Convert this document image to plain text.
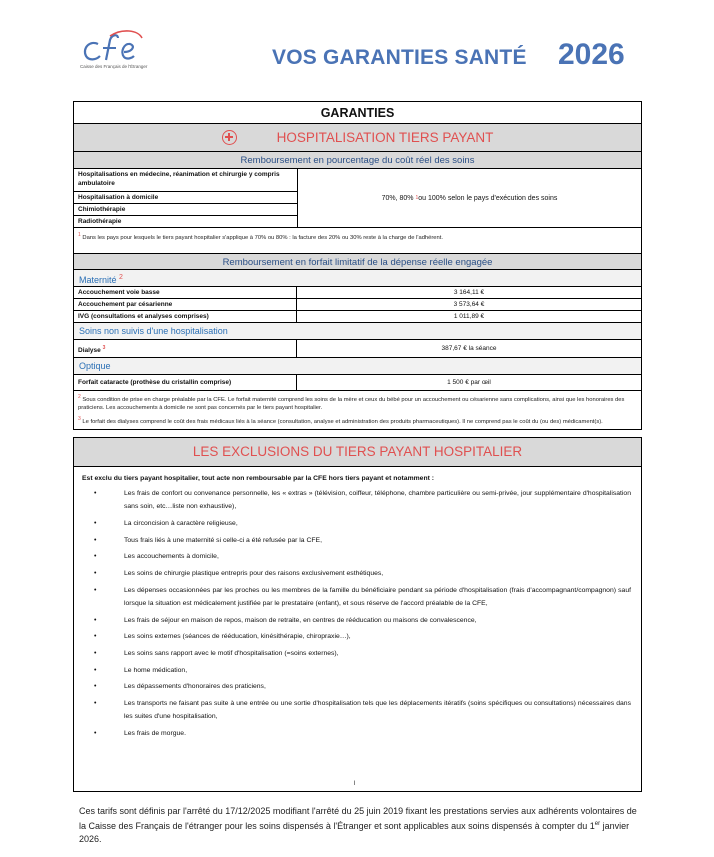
Caisse des Français de l'Étranger	VOS GARANTIES SANTÉ 2026
GARANTIES
HOSPITALISATION TIERS PAYANT
Remboursement en pourcentage du coût réel des soins
Hospitalisations en médecine, réanimation et chirurgie y compris ambulatoire
Hospitalisation à domicile
Chimiothérapie
Radiothérapie
70%, 80%
1 ou 100% selon le pays d'exécution des soins
1 Dans les pays pour lesquels le tiers payant hospitalier s'applique à 70% ou 80% : la facture des 20% ou 30% reste à la charge de l'adhérent.
Remboursement en forfait limitatif de la dépense réelle engagée
Maternité $^2$
Accouchement voie basse	3 164,11 €
Accouchement par césarienne	3 573,64 €
IVG (consultations et analyses comprises)	1 011,89 €
Soins non suivis d'une hospitalisation
Dialyse $^3$	387,67 € la séance
Optique
Forfait cataracte (prothèse du cristallin comprise)	1 500 € par œil
2 Sous condition de prise en charge préalable par la CFE. Le forfait maternité comprend les soins de la mère et ceux du bébé pour un accouchement ou césarienne sans complications, ainsi que les honoraires des praticiens. Les accouchements à domicile ne sont pas concernés par le tiers payant hospitalier.
3 Le forfait des dialyses comprend le coût des frais médicaux liés à la séance (consultation, analyse et administration des produits pharmaceutiques). Il ne comprend pas le coût du (ou des) médicament(s).
LES EXCLUSIONS DU TIERS PAYANT HOSPITALIER
Est exclu du tiers payant hospitalier, tout acte non remboursable par la CFE hors tiers payant et notamment :
•	Les frais de confort ou convenance personnelle, les « extras » (télévision, coiffeur, téléphone, chambre particulière ou semi-privée, jour supplémentaire d'hospitalisation sans soin, etc…liste non exhaustive),
•	La circoncision à caractère religieuse,
•	Tous frais liés à une maternité si celle-ci a été refusée par la CFE,
•	Les accouchements à domicile,
•	Les soins de chirurgie plastique entrepris pour des raisons exclusivement esthétiques,
•	Les dépenses occasionnées par les proches ou les membres de la famille du bénéficiaire pendant sa période d'hospitalisation (frais d'accompagnant/compagnon) sauf lorsque la situation est médicalement justifiée par le prestataire (enfant), et sous réserve de l'accord préalable de la CFE,
•	Les frais de séjour en maison de repos, maison de retraite, en centres de rééducation ou maisons de convalescence,
•	Les soins externes (séances de rééducation, kinésithérapie, chiropraxie…),
•	Les soins sans rapport avec le motif d'hospitalisation (=soins externes),
•	Le home médication,
•	Les dépassements d'honoraires des praticiens,
•	Les transports ne faisant pas suite à une entrée ou une sortie d'hospitalisation tels que les déplacements itératifs (soins spécifiques ou consultations) nécessaires dans les suites d'une hospitalisation,
•	Les frais de morgue.
l
Ces tarifs sont définis par l'arrêté du 17/12/2025 modifiant l'arrêté du 25 juin 2019 fixant les prestations servies aux adhérents volontaires de la Caisse des Français de l'étranger pour les soins dispensés à l'Étranger et sont applicables aux soins dispensés à compter du 1er janvier 2026.
